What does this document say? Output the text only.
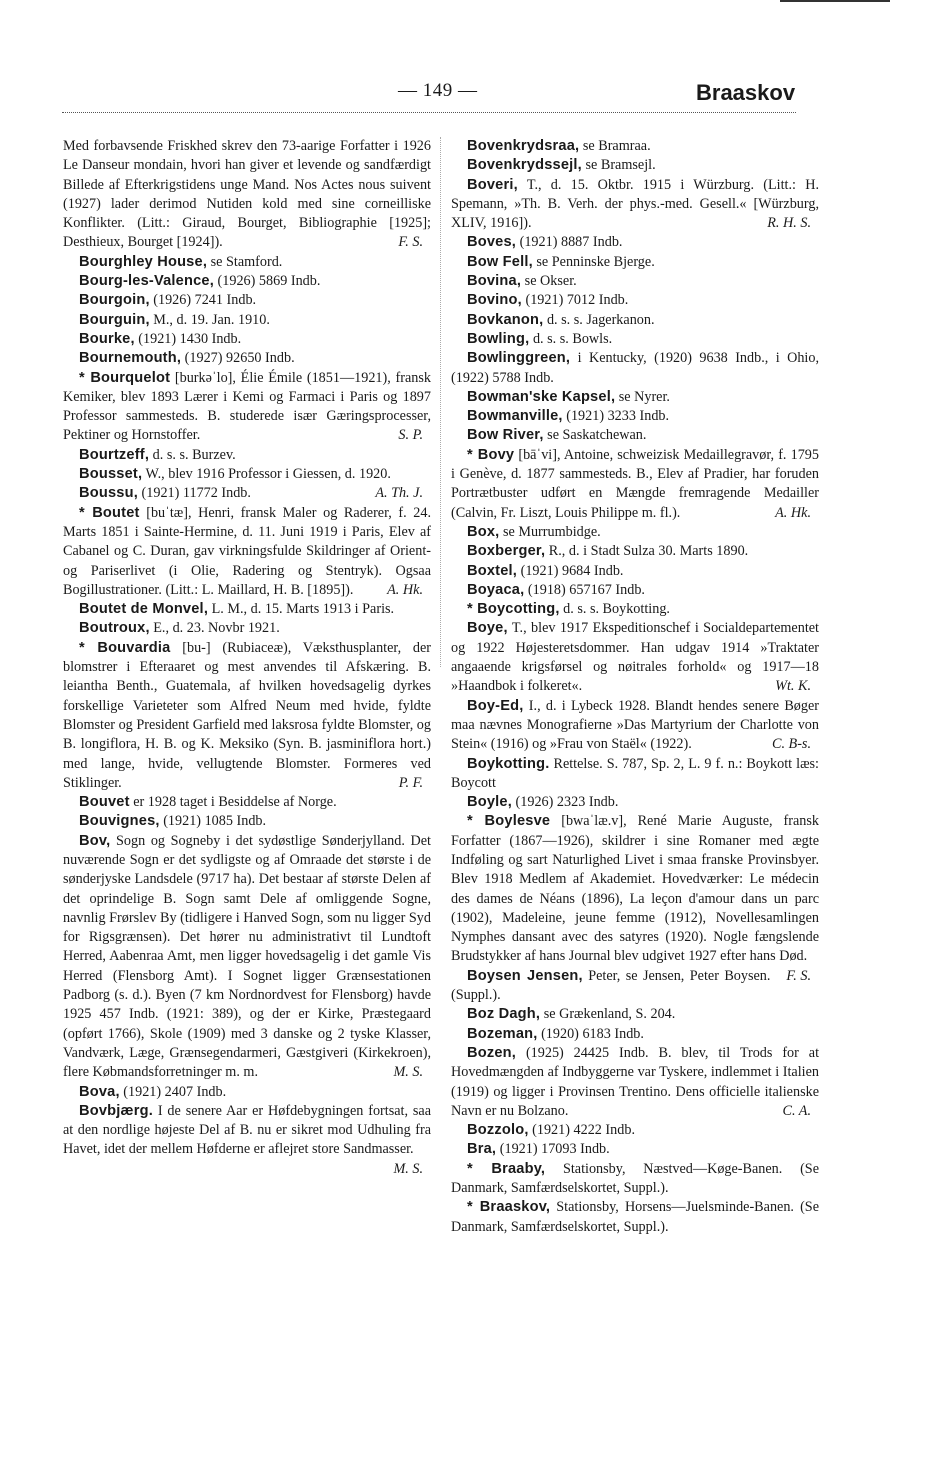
— 149 —	Braaskov

Med forbavsende Friskhed skrev den 73-aarige Forfatter i 1926 Le Danseur mondain, hvori han giver et levende og sandfærdigt Billede af Efterkrigstidens unge Mand. Nos Actes nous suivent (1927) lader derimod Nutiden kold med sine corneilliske Konflikter. (Litt.: Giraud, Bourget, Bibliographie [1925]; Desthieux, Bourget [1924]).	F. S.

Bourghley House, se Stamford.

Bourg-les-Valence, (1926) 5869 Indb.

Bourgoin, (1926) 7241 Indb.

Bourguin, M., d. 19. Jan. 1910.

Bourke, (1921) 1430 Indb.

Bournemouth, (1927) 92650 Indb.

* Bourquelot [burkəˈlo], Élie Émile (1851—1921), fransk Kemiker, blev 1893 Lærer i Kemi og Farmaci i Paris og 1897 Professor sammesteds. B. studerede især Gæringsprocesser, Pektiner og Hornstoffer.	S. P.

Bourtzeff, d. s. s. Burzev.

Bousset, W., blev 1916 Professor i Giessen, d. 1920.
A. Th. J.

Boussu, (1921) 11772 Indb.

* Boutet [buˈtæ], Henri, fransk Maler og Raderer, f. 24. Marts 1851 i Sainte-Hermine, d. 11. Juni 1919 i Paris, Elev af Cabanel og C. Duran, gav virkningsfulde Skildringer af Orient- og Pariserlivet (i Olie, Radering og Stentryk). Ogsaa Bogillustrationer. (Litt.: L. Maillard, H. B. [1895]).	A. Hk.

Boutet de Monvel, L. M., d. 15. Marts 1913 i Paris.

Boutroux, E., d. 23. Novbr 1921.

* Bouvardia [bu-] (Rubiaceæ), Væksthusplanter, der blomstrer i Efteraaret og mest anvendes til Afskæring. B. leiantha Benth., Guatemala, af hvilken hovedsagelig dyrkes forskellige Varieteter som Alfred Neum med hvide, fyldte Blomster og President Garfield med laksrosa fyldte Blomster, og B. longiflora, H. B. og K. Meksiko (Syn. B. jasminiflora hort.) med lange, hvide, vellugtende Blomster. Formeres ved Stiklinger.	P. F.

Bouvet er 1928 taget i Besiddelse af Norge.

Bouvignes, (1921) 1085 Indb.

Bov, Sogn og Sogneby i det sydøstlige Sønderjylland. Det nuværende Sogn er det sydligste og af Omraade det største i de sønderjyske Landsdele (9717 ha). Det bestaar af største Delen af det oprindelige B. Sogn samt Dele af omliggende Sogne, navnlig Frørslev By (tidligere i Hanved Sogn, som nu ligger Syd for Rigsgrænsen). Det hører nu administrativt til Lundtoft Herred, Aabenraa Amt, men ligger hovedsagelig i det gamle Vis Herred (Flensborg Amt). I Sognet ligger Grænsestationen Padborg (s. d.). Byen (7 km Nordnordvest for Flensborg) havde 1925 457 Indb. (1921: 389), og der er Kirke, Præstegaard (opført 1766), Skole (1909) med 3 danske og 2 tyske Klasser, Vandværk, Læge, Grænsegendarmeri, Gæstgiveri (Kirkekroen), flere Købmandsforretninger m. m.	M. S.

Bova, (1921) 2407 Indb.

Bovbjærg. I de senere Aar er Høfdebygningen fortsat, saa at den nordlige højeste Del af B. nu er sikret mod Udhuling fra Havet, idet der mellem Høfderne er aflejret store Sandmasser.
M. S.

Bovenkrydsraa, se Bramraa.

Bovenkrydssejl, se Bramsejl.

Boveri, T., d. 15. Oktbr. 1915 i Würzburg. (Litt.: H. Spemann, »Th. B. Verh. der phys.-med. Gesell.« [Würzburg, XLIV, 1916]).	R. H. S.

Boves, (1921) 8887 Indb.

Bow Fell, se Penninske Bjerge.

Bovina, se Okser.

Bovino, (1921) 7012 Indb.

Bovkanon, d. s. s. Jagerkanon.

Bowling, d. s. s. Bowls.

Bowlinggreen, i Kentucky, (1920) 9638 Indb., i Ohio, (1922) 5788 Indb.

Bowman'ske Kapsel, se Nyrer.

Bowmanville, (1921) 3233 Indb.

Bow River, se Saskatchewan.

* Bovy [bāˈvi], Antoine, schweizisk Medaillegravør, f. 1795 i Genève, d. 1877 sammesteds. B., Elev af Pradier, har foruden Portrætbuster udført en Mængde fremragende Medailler (Calvin, Fr. Liszt, Louis Philippe m. fl.).	A. Hk.

Box, se Murrumbidge.

Boxberger, R., d. i Stadt Sulza 30. Marts 1890.

Boxtel, (1921) 9684 Indb.

Boyaca, (1918) 657167 Indb.

* Boycotting, d. s. s. Boykotting.

Boye, T., blev 1917 Ekspeditionschef i Socialdepartementet og 1922 Højesteretsdommer. Han udgav 1914 »Traktater angaaende krigsførsel og nøitrales forhold« og 1917—18 »Haandbok i folkeret«.	Wt. K.

Boy-Ed, I., d. i Lybeck 1928. Blandt hendes senere Bøger maa nævnes Monografierne »Das Martyrium der Charlotte von Stein« (1916) og »Frau von Staël« (1922).	C. B-s.

Boykotting. Rettelse. S. 787, Sp. 2, L. 9 f. n.: Boykott læs: Boycott

Boyle, (1926) 2323 Indb.

* Boylesve [bwaˈlæ.v], René Marie Auguste, fransk Forfatter (1867—1926), skildrer i sine Romaner med ægte Indføling og sart Naturlighed Livet i smaa franske Provinsbyer. Blev 1918 Medlem af Akademiet. Hovedværker: Le médecin des dames de Néans (1896), La leçon d'amour dans un parc (1902), Madeleine, jeune femme (1912), Novellesamlingen Nymphes dansant avec des satyres (1920). Nogle fængslende Brudstykker af hans Journal blev udgivet 1927 efter hans Død.
F. S.

Boysen Jensen, Peter, se Jensen, Peter Boysen. (Suppl.).

Boz Dagh, se Grækenland, S. 204.

Bozeman, (1920) 6183 Indb.

Bozen, (1925) 24425 Indb. B. blev, til Trods for at Hovedmængden af Indbyggerne var Tyskere, indlemmet i Italien (1919) og ligger i Provinsen Trentino. Dens officielle italienske Navn er nu Bolzano.	C. A.

Bozzolo, (1921) 4222 Indb.

Bra, (1921) 17093 Indb.

* Braaby, Stationsby, Næstved—Køge-Banen. (Se Danmark, Samfærdselskortet, Suppl.).

* Braaskov, Stationsby, Horsens—Juelsminde-Banen. (Se Danmark, Samfærdselskortet, Suppl.).
